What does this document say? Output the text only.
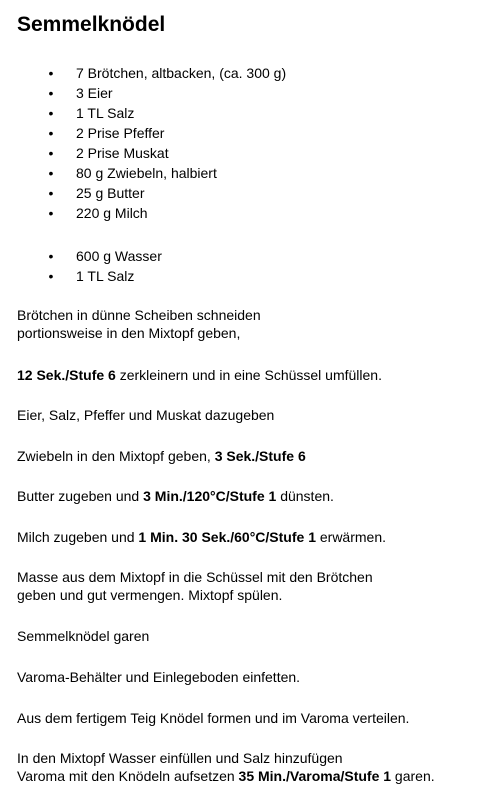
Semmelknödel
• 7 Brötchen, altbacken, (ca. 300 g)
• 3 Eier
• 1 TL Salz
• 2 Prise Pfeffer
• 2 Prise Muskat
• 80 g Zwiebeln, halbiert
• 25 g Butter
• 220 g Milch
• 600 g Wasser
• 1 TL Salz

Brötchen in dünne Scheiben schneiden
portionsweise in den Mixtopf geben,

12 Sek./Stufe 6 zerkleinern und in eine Schüssel umfüllen.

Eier, Salz, Pfeffer und Muskat dazugeben

Zwiebeln in den Mixtopf geben, 3 Sek./Stufe 6

Butter zugeben und 3 Min./120°C/Stufe 1 dünsten.

Milch zugeben und 1 Min. 30 Sek./60°C/Stufe 1 erwärmen.

Masse aus dem Mixtopf in die Schüssel mit den Brötchen
geben und gut vermengen. Mixtopf spülen.

Semmelknödel garen

Varoma-Behälter und Einlegeboden einfetten.

Aus dem fertigem Teig Knödel formen und im Varoma verteilen.

In den Mixtopf Wasser einfüllen und Salz hinzufügen
Varoma mit den Knödeln aufsetzen 35 Min./Varoma/Stufe 1 garen.
